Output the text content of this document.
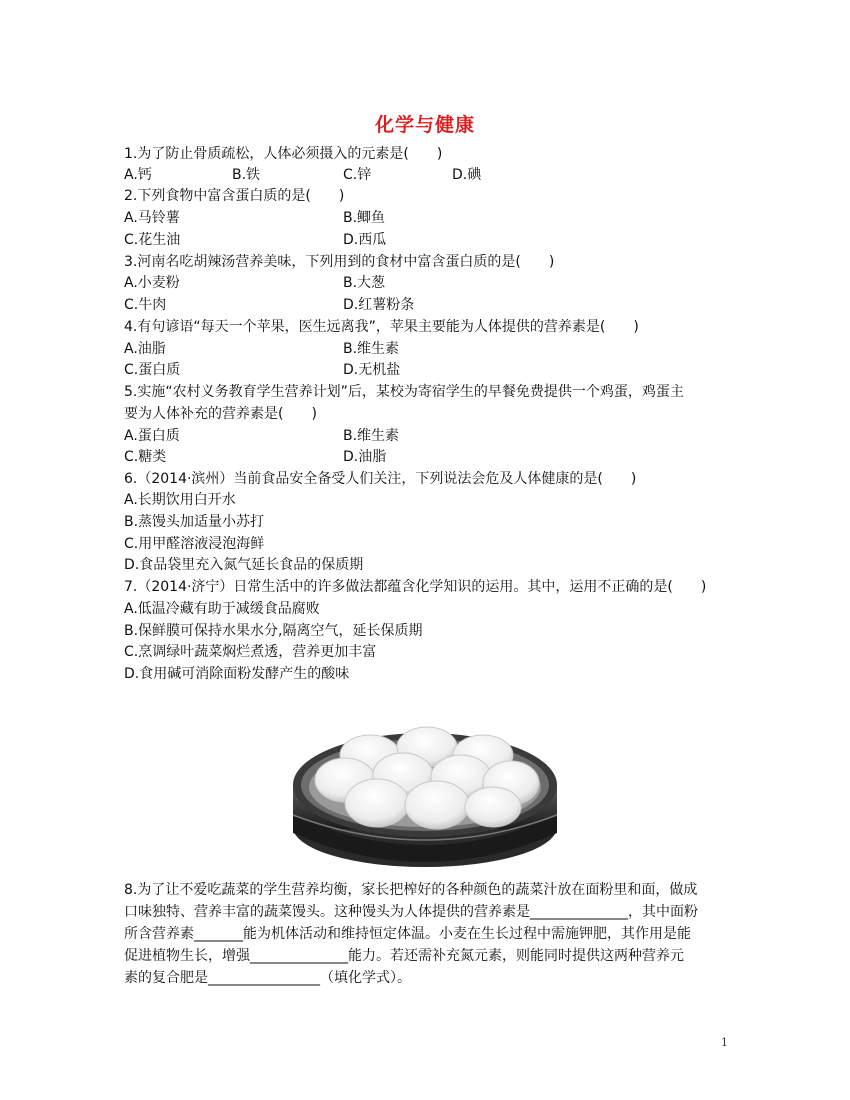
化学与健康
1.为了防止骨质疏松，人体必须摄入的元素是(　　)
A.钙	B.铁	C.锌	D.碘
2.下列食物中富含蛋白质的是(　　)
A.马铃薯	B.鲫鱼
C.花生油	D.西瓜
3.河南名吃胡辣汤营养美味，下列用到的食材中富含蛋白质的是(　　)
A.小麦粉	B.大葱
C.牛肉	D.红薯粉条
4.有句谚语“每天一个苹果，医生远离我”，苹果主要能为人体提供的营养素是(　　)
A.油脂	B.维生素
C.蛋白质	D.无机盐
5.实施“农村义务教育学生营养计划”后，某校为寄宿学生的早餐免费提供一个鸡蛋，鸡蛋主
要为人体补充的营养素是(　　)
A.蛋白质	B.维生素
C.糖类	D.油脂
6.（2014·滨州）当前食品安全备受人们关注，下列说法会危及人体健康的是(　　)
A.长期饮用白开水
B.蒸馒头加适量小苏打
C.用甲醛溶液浸泡海鲜
D.食品袋里充入氮气延长食品的保质期
7.（2014·济宁）日常生活中的许多做法都蕴含化学知识的运用。其中，运用不正确的是(　　)
A.低温冷藏有助于减缓食品腐败
B.保鲜膜可保持水果水分,隔离空气，延长保质期
C.烹调绿叶蔬菜焖烂煮透，营养更加丰富
D.食用碱可消除面粉发酵产生的酸味
8.为了让不爱吃蔬菜的学生营养均衡，家长把榨好的各种颜色的蔬菜汁放在面粉里和面，做成
口味独特、营养丰富的蔬菜馒头。这种馒头为人体提供的营养素是______________，其中面粉
所含营养素_______能为机体活动和维持恒定体温。小麦在生长过程中需施钾肥，其作用是能
促进植物生长，增强______________能力。若还需补充氮元素，则能同时提供这两种营养元
素的复合肥是________________（填化学式）。
1
